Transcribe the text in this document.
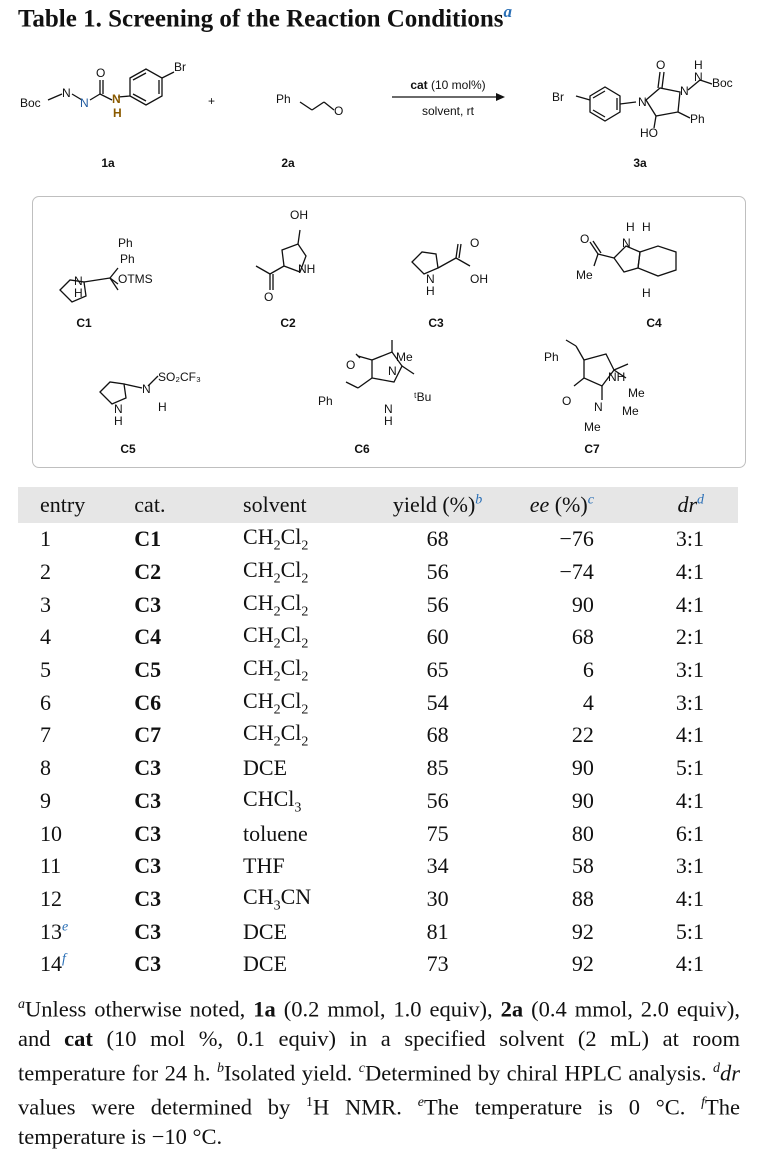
Table 1. Screening of the Reaction Conditions$^a$
Boc
N
N
O
N
H
Br
1a
+	Ph
O
2a
cat (10 mol%)
solvent, rt
Br	N
O
N
H
N Boc
Ph
HO
3a
Ph
Ph
OTMS
N
H
C1
OH
NH
O
C2
O
OH
N
H
C3
H H
N
O
Me
H
C4
SO₂CF₃
N
H
N
H
C5
Me
N
O
ᵗBu
Ph
N
H
C6
Ph
NH
Me
Me
O N
Me
C7
entry	cat.	solvent	yield (%)$^b$	ee (%)$^c$	dr$^d$
1	C1	$CH_2Cl_2$	68	−76	3:1
2	C2	$CH_2Cl_2$	56	−74	4:1
3	C3	$CH_2Cl_2$	56	90	4:1
4	C4	$CH_2Cl_2$	60	68	2:1
5	C5	$CH_2Cl_2$	65	6	3:1
6	C6	$CH_2Cl_2$	54	4	3:1
7	C7	$CH_2Cl_2$	68	22	4:1
8	C3	DCE	85	90	5:1
9	C3	CHCl$_3$	56	90	4:1
10	C3	toluene	75	80	6:1
11	C3	THF	34	58	3:1
12	C3	$CH_3CN$	30	88	4:1
13e	C3	DCE	81	92	5:1
14$^f$	C3	DCE	73	92	4:1
$^a$Unless otherwise noted, 1a (0.2 mmol, 1.0 equiv), 2a (0.4 mmol, 2.0 equiv), and cat (10 mol %, 0.1 equiv) in a specified solvent (2 mL) at room temperature for 24 h. $^b$Isolated yield. $^c$Determined by chiral HPLC analysis. $^d$dr values were determined by $^1$H NMR. $^e$The temperature is 0 °C. $^f$The temperature is −10 °C.
